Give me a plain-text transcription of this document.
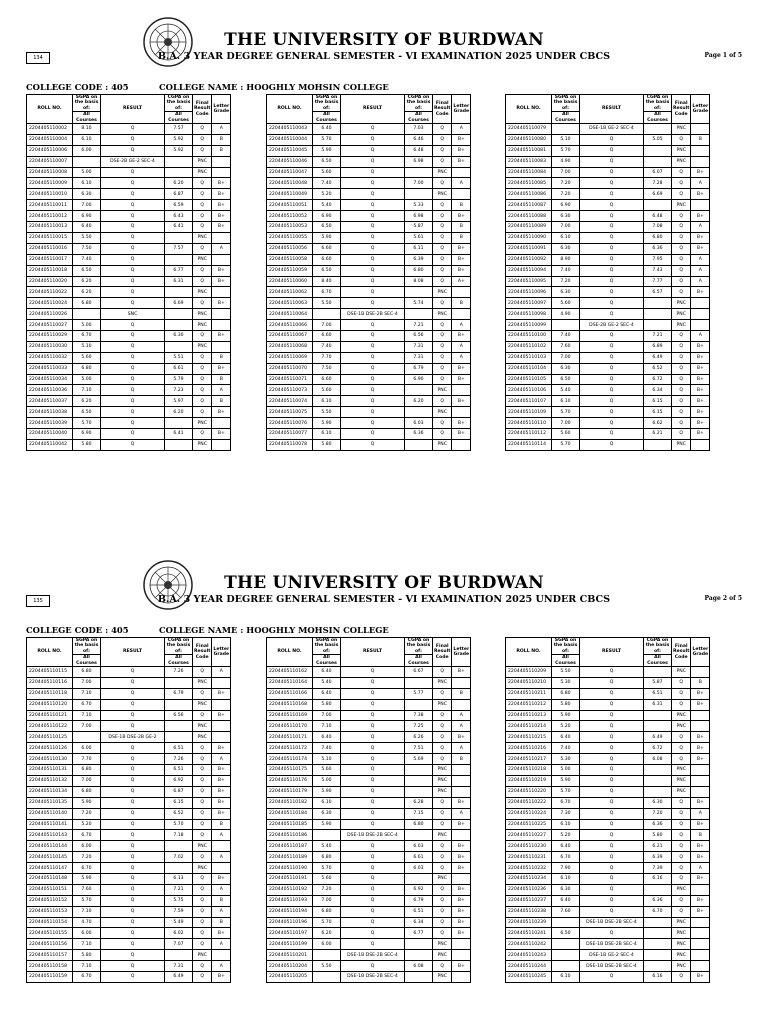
134
THE UNIVERSITY OF BURDWAN
B.A. 3 YEAR DEGREE GENERAL SEMESTER - VI EXAMINATION 2025 UNDER CBCS	Page 1 of 5
COLLEGE CODE : 405	COLLEGE NAME : HOOGHLY MOHSIN COLLEGE
ROLL NO.	SGPA on the basis of:	RESULT	CGPA on the basis of:	Final Result Code	Letter Grade
	All Courses		All Courses		
2204405110002	8.10	Q	7.57	Q	A
2204405110004	6.10	Q	5.92	Q	B
2204405110006	6.00	Q	5.92	Q	B
2204405110007		DSE-2B GE-2 SEC-4		PNC	
2204405110008	5.00	Q		PNC	
2204405110009	6.10	Q	6.20	Q	B+
2204405110010	6.30	Q	6.87	Q	B+
2204405110011	7.00	Q	6.59	Q	B+
2204405110012	6.90	Q	6.43	Q	B+
2204405110013	6.40	Q	6.41	Q	B+
2204405110015	5.50	Q		PNC	
2204405110016	7.50	Q	7.57	Q	A
2204405110017	7.40	Q		PNC	
2204405110018	6.50	Q	6.77	Q	B+
2204405110020	6.20	Q	6.31	Q	B+
2204405110022	6.20	Q		PNC	
2204405110024	6.80	Q	6.69	Q	B+
2204405110026		SNC		PNC	
2204405110027	5.00	Q		PNC	
2204405110029	6.70	Q	6.30	Q	B+
2204405110030	5.10	Q		PNC	
2204405110032	5.60	Q	5.51	Q	B
2204405110033	6.80	Q	6.61	Q	B+
2204405110034	5.00	Q	5.79	Q	B
2204405110036	7.10	Q	7.23	Q	A
2204405110037	6.20	Q	5.97	Q	B
2204405110038	6.50	Q	6.20	Q	B+
2204405110039	5.70	Q		PNC	
2204405110040	6.90	Q	6.41	Q	B+
2204405110042	5.80	Q		PNC	
ROLL NO.	SGPA on the basis of:	RESULT	CGPA on the basis of:	Final Result Code	Letter Grade
	All Courses		All Courses		
2204405110043	6.40	Q	7.03	Q	A
2204405110044	5.70	Q	6.46	Q	B+
2204405110045	5.90	Q	6.48	Q	B+
2204405110046	6.50	Q	6.98	Q	B+
2204405110047	5.60	Q		PNC	
2204405110048	7.40	Q	7.00	Q	A
2204405110049	5.20	Q		PNC	
2204405110051	5.40	Q	5.33	Q	B
2204405110052	6.90	Q	6.98	Q	B+
2204405110053	6.50	Q	5.87	Q	B
2204405110055	5.90	Q	5.61	Q	B
2204405110056	6.60	Q	6.11	Q	B+
2204405110058	6.60	Q	6.39	Q	B+
2204405110059	6.50	Q	6.80	Q	B+
2204405110060	8.40	Q	8.08	Q	A+
2204405110062	6.70	Q		PNC	
2204405110063	5.50	Q	5.74	Q	B
2204405110064		DSE-1B DSE-2B SEC-4		PNC	
2204405110066	7.00	Q	7.21	Q	A
2204405110067	6.60	Q	6.56	Q	B+
2204405110068	7.40	Q	7.31	Q	A
2204405110069	7.70	Q	7.31	Q	A
2204405110070	7.50	Q	6.79	Q	B+
2204405110071	6.60	Q	6.90	Q	B+
2204405110073	5.60	Q		PNC	
2204405110074	6.10	Q	6.20	Q	B+
2204405110075	5.50	Q		PNC	
2204405110076	5.90	Q	6.03	Q	B+
2204405110077	6.10	Q	6.36	Q	B+
2204405110078	5.80	Q		PNC	
ROLL NO.	SGPA on the basis of:	RESULT	CGPA on the basis of:	Final Result Code	Letter Grade
	All Courses		All Courses		
2204405110079		DSE-1B GE-2 SEC-4		PNC	
2204405110080	5.10	Q	5.05	Q	B
2204405110081	5.70	Q		PNC	
2204405110083	4.90	Q		PNC	
2204405110084	7.00	Q	6.07	Q	B+
2204405110085	7.20	Q	7.28	Q	A
2204405110086	7.20	Q	6.69	Q	B+
2204405110087	6.90	Q		PNC	
2204405110088	6.30	Q	6.48	Q	B+
2204405110089	7.00	Q	7.08	Q	A
2204405110090	6.10	Q	6.80	Q	B+
2204405110091	6.30	Q	6.36	Q	B+
2204405110092	8.90	Q	7.95	Q	A
2204405110094	7.40	Q	7.43	Q	A
2204405110095	7.20	Q	7.77	Q	A
2204405110096	6.30	Q	6.57	Q	B+
2204405110097	5.60	Q		PNC	
2204405110098	4.90	Q		PNC	
2204405110099		DSE-2B GE-2 SEC-4		PNC	
2204405110100	7.40	Q	7.21	Q	A
2204405110102	7.60	Q	6.89	Q	B+
2204405110103	7.00	Q	6.49	Q	B+
2204405110104	6.30	Q	6.52	Q	B+
2204405110105	6.50	Q	6.72	Q	B+
2204405110106	5.40	Q	6.34	Q	B+
2204405110107	6.10	Q	6.15	Q	B+
2204405110109	5.70	Q	6.15	Q	B+
2204405110110	7.00	Q	6.62	Q	B+
2204405110112	5.60	Q	6.21	Q	B+
2204405110114	5.70	Q		PNC	
135
THE UNIVERSITY OF BURDWAN
B.A. 3 YEAR DEGREE GENERAL SEMESTER - VI EXAMINATION 2025 UNDER CBCS	Page 2 of 5
COLLEGE CODE : 405	COLLEGE NAME : HOOGHLY MOHSIN COLLEGE
ROLL NO.	SGPA on the basis of:	RESULT	CGPA on the basis of:	Final Result Code	Letter Grade
	All Courses		All Courses		
2204405110115	6.80	Q	7.26	Q	A
2204405110116	7.00	Q		PNC	
2204405110118	7.10	Q	6.79	Q	B+
2204405110120	6.70	Q		PNC	
2204405110121	7.10	Q	6.56	Q	B+
2204405110122	7.00	Q		PNC	
2204405110125		DSE-1B DSE-2B GE-2		PNC	
2204405110126	6.00	Q	6.51	Q	B+
2204405110130	7.70	Q	7.26	Q	A
2204405110131	6.80	Q	6.51	Q	B+
2204405110132	7.00	Q	6.92	Q	B+
2204405110134	6.80	Q	6.87	Q	B+
2204405110135	5.90	Q	6.15	Q	B+
2204405110140	7.20	Q	6.52	Q	B+
2204405110141	5.20	Q	5.70	Q	B
2204405110143	6.70	Q	7.18	Q	A
2204405110144	6.00	Q		PNC	
2204405110145	7.20	Q	7.02	Q	A
2204405110147	6.70	Q		PNC	
2204405110148	5.90	Q	6.13	Q	B+
2204405110151	7.60	Q	7.21	Q	A
2204405110152	5.70	Q	5.75	Q	B
2204405110153	7.10	Q	7.59	Q	A
2204405110154	4.70	Q	5.49	Q	B
2204405110155	6.00	Q	6.02	Q	B+
2204405110156	7.10	Q	7.07	Q	A
2204405110157	5.80	Q		PNC	
2204405110158	7.10	Q	7.31	Q	A
2204405110159	6.70	Q	6.49	Q	B+
ROLL NO.	SGPA on the basis of:	RESULT	CGPA on the basis of:	Final Result Code	Letter Grade
	All Courses		All Courses		
2204405110162	6.40	Q	6.67	Q	B+
2204405110164	5.40	Q		PNC	
2204405110166	6.40	Q	5.77	Q	B
2204405110168	5.80	Q		PNC	
2204405110169	7.00	Q	7.38	Q	A
2204405110170	7.10	Q	7.25	Q	A
2204405110171	6.40	Q	6.26	Q	B+
2204405110172	7.40	Q	7.51	Q	A
2204405110174	5.10	Q	5.69	Q	B
2204405110175	5.60	Q		PNC	
2204405110176	5.00	Q		PNC	
2204405110179	5.90	Q		PNC	
2204405110182	6.10	Q	6.28	Q	B+
2204405110184	6.30	Q	7.15	Q	A
2204405110185	5.90	Q	6.80	Q	B+
2204405110186		DSE-1B DSE-2B SEC-4		PNC	
2204405110187	5.40	Q	6.03	Q	B+
2204405110189	6.80	Q	6.61	Q	B+
2204405110190	5.70	Q	6.03	Q	B+
2204405110191	5.60	Q		PNC	
2204405110192	7.20	Q	6.92	Q	B+
2204405110193	7.00	Q	6.79	Q	B+
2204405110194	6.80	Q	6.51	Q	B+
2204405110196	5.70	Q	6.34	Q	B+
2204405110197	6.20	Q	6.77	Q	B+
2204405110199	6.00	Q		PNC	
2204405110201		DSE-1B DSE-2B SEC-4		PNC	
2204405110204	5.50	Q	6.08	Q	B+
2204405110205		DSE-1B DSE-2B SEC-4		PNC	
ROLL NO.	SGPA on the basis of:	RESULT	CGPA on the basis of:	Final Result Code	Letter Grade
	All Courses		All Courses		
2204405110209	5.50	Q		PNC	
2204405110210	5.30	Q	5.87	Q	B
2204405110211	6.80	Q	6.51	Q	B+
2204405110212	5.80	Q	6.31	Q	B+
2204405110213	5.90	Q		PNC	
2204405110214	5.20	Q		PNC	
2204405110215	6.40	Q	6.49	Q	B+
2204405110216	7.40	Q	6.72	Q	B+
2204405110217	5.30	Q	6.08	Q	B+
2204405110218	5.00	Q		PNC	
2204405110219	5.90	Q		PNC	
2204405110220	5.70	Q		PNC	
2204405110222	6.70	Q	6.30	Q	B+
2204405110224	7.30	Q	7.20	Q	A
2204405110225	6.10	Q	6.36	Q	B+
2204405110227	5.20	Q	5.80	Q	B
2204405110230	6.40	Q	6.21	Q	B+
2204405110231	6.70	Q	6.39	Q	B+
2204405110232	7.90	Q	7.39	Q	A
2204405110234	6.10	Q	6.16	Q	B+
2204405110236	6.30	Q		PNC	
2204405110237	6.40	Q	6.36	Q	B+
2204405110238	7.60	Q	6.70	Q	B+
2204405110239		DSE-1B DSE-2B SEC-4		PNC	
2204405110241	6.50	Q		PNC	
2204405110242		DSE-1B DSE-2B SEC-4		PNC	
2204405110243		DSE-1B GE-2 SEC-4		PNC	
2204405110244		DSE-1B DSE-2B SEC-4		PNC	
2204405110245	6.10	Q	6.16	Q	B+
